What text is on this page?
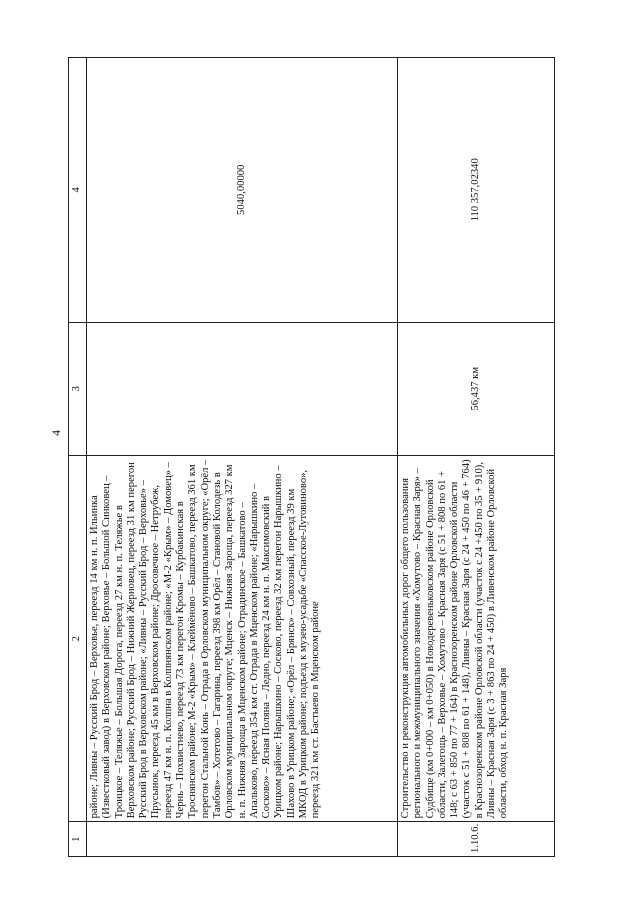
4
1	2	3	4
	районе; Ливны – Русский Брод – Верховье, переезд 14 км н. п. Ильинка (Известковый завод) в Верховском районе; Верховье – Большой Синковец – Троицкое – Теляжье – Большая Дорога, переезд 27 км н. п. Теляжье в Верховском районе; Русский Брод – Нижний Жерновец, переезд 31 км перегон Русский Брод в Верховском районе; «Ливны – Русский Брод – Верховье» – Прусынок, переезд 45 км в Верховском районе; Дросовечное – Нетрубеж, переезд 47 км н. п. Колпна в Колпнянском районе; «М-2 «Крым» – Домовец» – Чернь – Похвистнево, переезд 73 км перегон Кромы – Курбакинская в Троснянском районе; М-2 «Крым» – Клеймёново – Башкатово, переезд 361 км перегон Стальной Конь – Отрада в Орловском муниципальном округе; «Орёл – Тамбов» – Хотетово – Гагарина, переезд 398 км Орёл – Становой Колодезь в Орловском муниципальном округе; Мценск – Нижняя Зароща, переезд 327 км н. п. Нижняя Зароща в Мценском районе; Отрадинское – Башкатово – Апальково, переезд 354 км ст. Отрада в Мценском районе; «Нарышкино – Сосково» – Ясная Поляна – Ледно, переезд 24 км н. п. Максимовский в Урицком районе; Нарышкино – Сосково, переезд 32 км перегон Нарышкино – Шахово в Урицком районе; «Орёл – Брянск» – Совхозный, переезд 39 км МКОД в Урицком районе; подъезд к музею-усадьбе «Спасское-Лутовиново», переезд 321 км ст. Бастыево в Мценском районе		5040,00000
1.10.6.	Строительство и реконструкция автомобильных дорог общего пользования регионального и межмуниципального значения «Хомутово – Красная Заря» – Судбище (км 0+000 – км 0+050) в Новодеревеньковском районе Орловской области, Залегощь – Верховье – Хомутово – Красная Заря (с 51 + 808 по 61 + 148; с 63 + 850 по 77 + 164) в Краснозоренском районе Орловской области (участок с 51 + 808 по 61 + 148), Ливны – Красная Заря (с 24 + 450 по 46 + 764) в Краснозоренском районе Орловской области (участок с 24 +450 по 35 + 910), Ливны – Красная Заря (с 3 + 863 по 24 + 450) в Ливенском районе Орловской области, обход н. п. Красная Заря	56,437 км	110 357,02340
